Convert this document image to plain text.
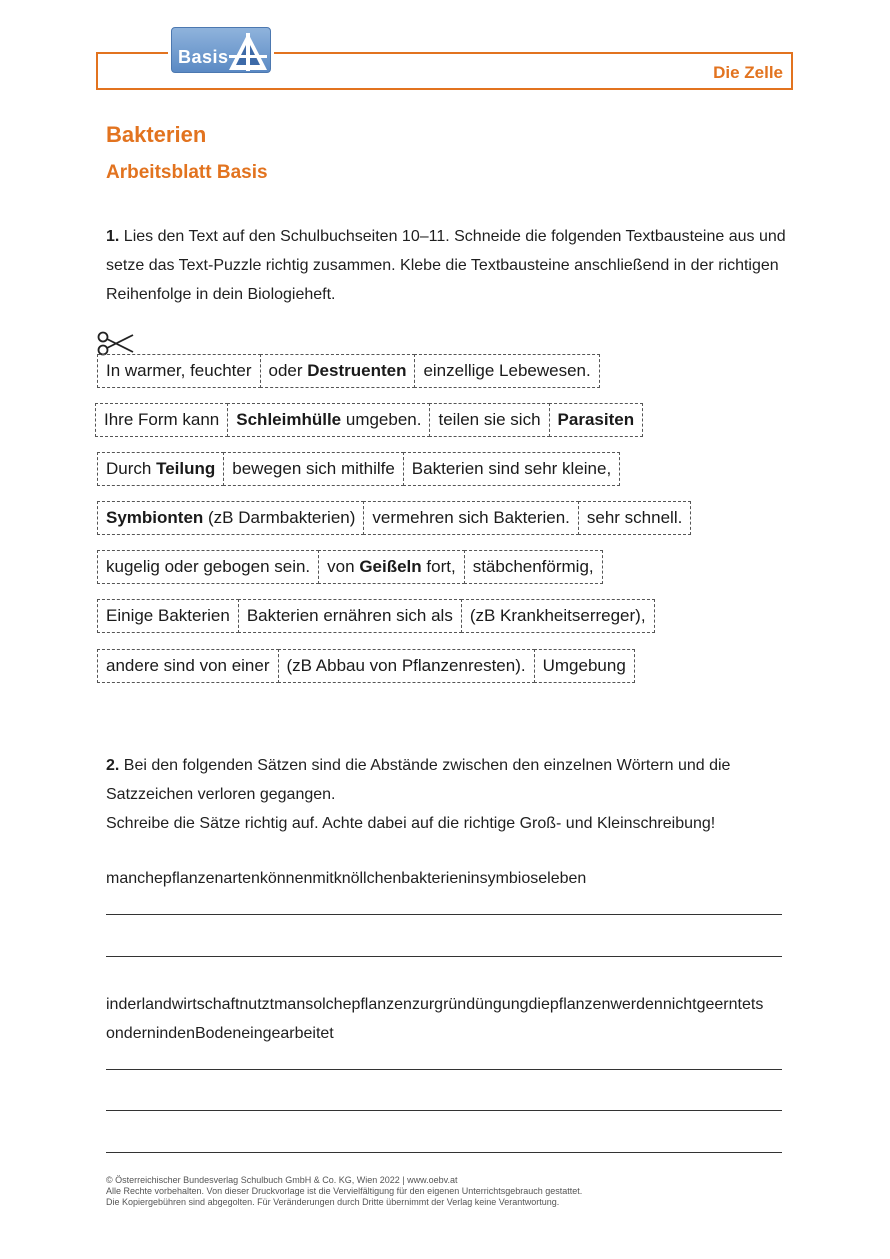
Die Zelle
Basis
Bakterien
Arbeitsblatt Basis
1. Lies den Text auf den Schulbuchseiten 10–11. Schneide die folgenden Textbausteine aus und setze das Text-Puzzle richtig zusammen. Klebe die Textbausteine anschließend in der richtigen Reihenfolge in dein Biologieheft.
In warmer, feuchter	oder Destruenten	einzellige Lebewesen.
Ihre Form kann	Schleimhülle umgeben.	teilen sie sich	Parasiten
Durch Teilung	bewegen sich mithilfe	Bakterien sind sehr kleine,
Symbionten (zB Darmbakterien)	vermehren sich Bakterien.	sehr schnell.
kugelig oder gebogen sein.	von Geißeln fort,	stäbchenförmig,
Einige Bakterien	Bakterien ernähren sich als	(zB Krankheitserreger),
andere sind von einer	(zB Abbau von Pflanzenresten).	Umgebung
2. Bei den folgenden Sätzen sind die Abstände zwischen den einzelnen Wörtern und die Satzzeichen verloren gegangen.
Schreibe die Sätze richtig auf. Achte dabei auf die richtige Groß- und Kleinschreibung!
manchepflanzenartenkönnenmitknöllchenbakterieninsymbioseleben
inderlandwirtschaftnutztmansolchepflanzenzurgründüngungdiepflanzenwerdennichtgeerntets
ondernindenBodeneingearbeitet
© Österreichischer Bundesverlag Schulbuch GmbH & Co. KG, Wien 2022 | www.oebv.at
Alle Rechte vorbehalten. Von dieser Druckvorlage ist die Vervielfältigung für den eigenen Unterrichtsgebrauch gestattet.
Die Kopiergebühren sind abgegolten. Für Veränderungen durch Dritte übernimmt der Verlag keine Verantwortung.
